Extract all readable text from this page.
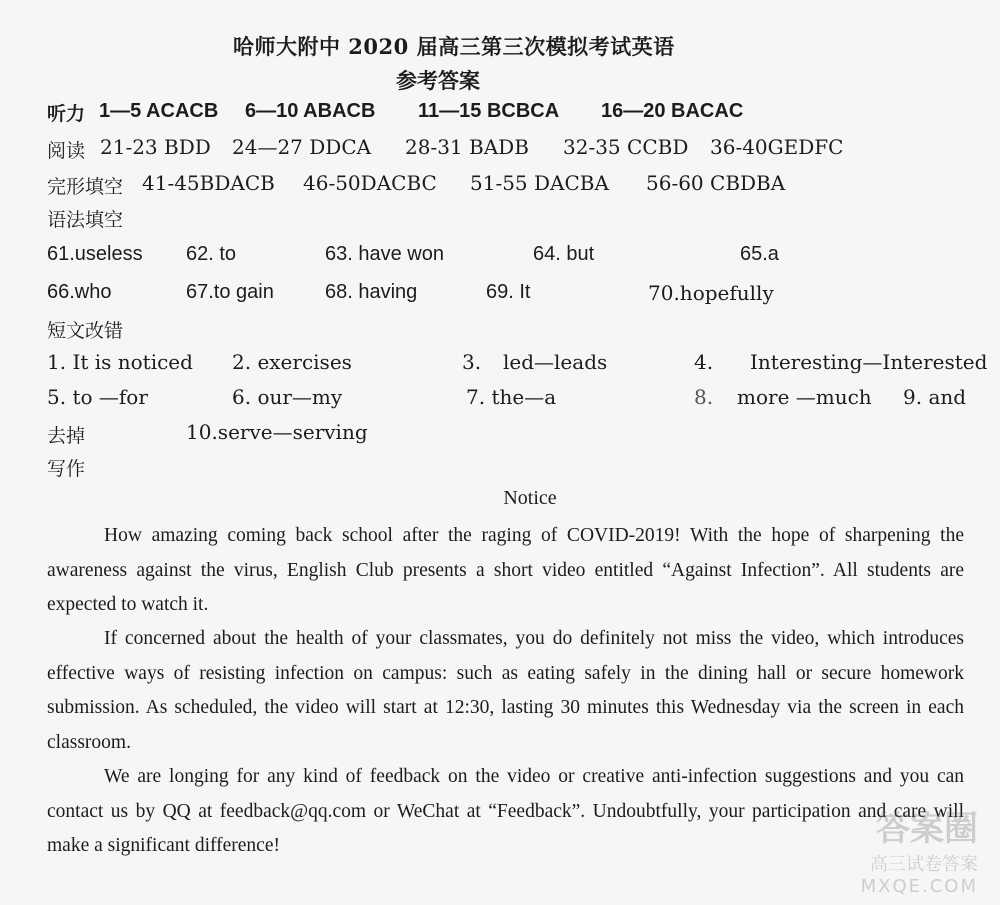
哈师大附中 2020 届高三第三次模拟考试英语
参考答案
听力 1—5 ACACB 6—10 ABACB 11—15 BCBCA 16—20 BACAC
阅读 21-23 BDD 24—27 DDCA 28-31 BADB 32-35 CCBD 36-40GEDFC
完形填空 41-45BDACB 46-50DACBC 51-55 DACBA 56-60 CBDBA
语法填空
61.useless 62. to	63. have won	64. but	65.a
66.who	67.to gain	68. having	69. It	70.hopefully
短文改错
1. It is noticed 2. exercises	3. led—leads	4. Interesting—Interested
5. to —for	6. our—my	7. the—a	8. more —much 9. and
去掉	10.serve—serving
写作
Notice
How amazing coming back school after the raging of COVID-2019! With the hope of sharpening the awareness against the virus, English Club presents a short video entitled “Against Infection”. All students are expected to watch it.
If concerned about the health of your classmates, you do definitely not miss the video, which introduces effective ways of resisting infection on campus: such as eating safely in the dining hall or secure homework submission. As scheduled, the video will start at 12:30, lasting 30 minutes this Wednesday via the screen in each classroom.
We are longing for any kind of feedback on the video or creative anti-infection suggestions and you can contact us by QQ at feedback@qq.com or WeChat at “Feedback”. Undoubtfully, your participation and care will make a significant difference!	答案圈
高三试卷答案
MXQE.COM
